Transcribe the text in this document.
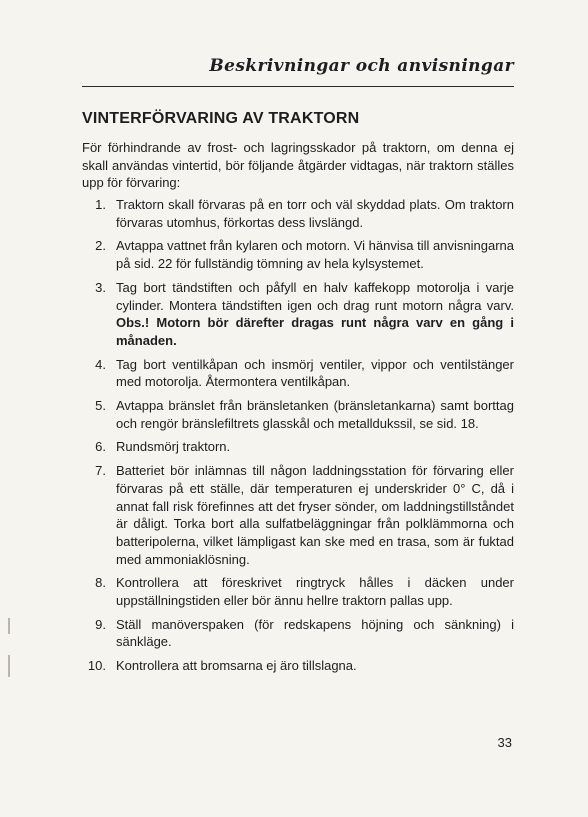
Beskrivningar och anvisningar
VINTERFÖRVARING AV TRAKTORN
För förhindrande av frost- och lagringsskador på traktorn, om denna ej skall användas vintertid, bör följande åtgärder vidtagas, när traktorn ställes upp för förvaring:
1. Traktorn skall förvaras på en torr och väl skyddad plats. Om traktorn förvaras utomhus, förkortas dess livslängd.
2. Avtappa vattnet från kylaren och motorn. Vi hänvisa till anvisningarna på sid. 22 för fullständig tömning av hela kylsystemet.
3. Tag bort tändstiften och påfyll en halv kaffekopp motorolja i varje cylinder. Montera tändstiften igen och drag runt motorn några varv. Obs.! Motorn bör därefter dragas runt några varv en gång i månaden.
4. Tag bort ventilkåpan och insmörj ventiler, vippor och ventilstänger med motorolja. Återmontera ventilkåpan.
5. Avtappa bränslet från bränsletanken (bränsletankarna) samt borttag och rengör bränslefiltrets glasskål och metalldukssil, se sid. 18.
6. Rundsmörj traktorn.
7. Batteriet bör inlämnas till någon laddningsstation för förvaring eller förvaras på ett ställe, där temperaturen ej underskrider 0° C, då i annat fall risk förefinnes att det fryser sönder, om laddningstillståndet är dåligt. Torka bort alla sulfatbeläggningar från polklämmorna och batteripolerna, vilket lämpligast kan ske med en trasa, som är fuktad med ammoniaklösning.
8. Kontrollera att föreskrivet ringtryck hålles i däcken under uppställningstiden eller bör ännu hellre traktorn pallas upp.
9. Ställ manöverspaken (för redskapens höjning och sänkning) i sänkläge.
10. Kontrollera att bromsarna ej äro tillslagna.
33
